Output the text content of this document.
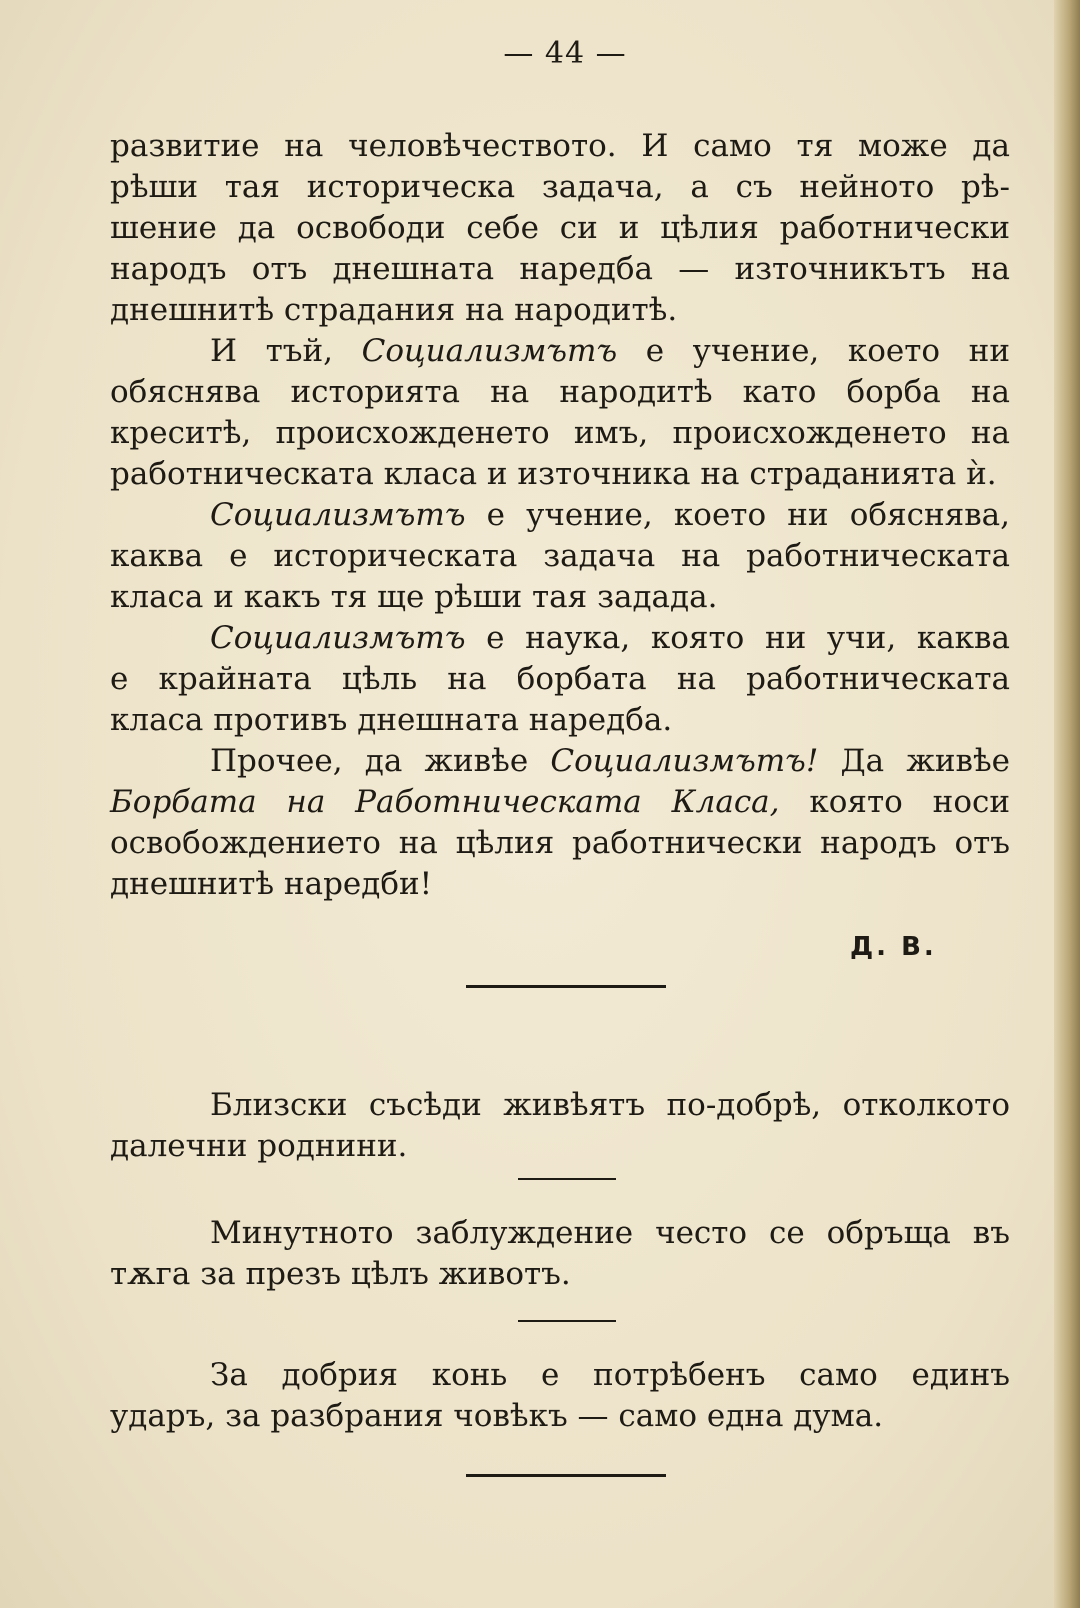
— 44 —

развитие на человѣчеството. И само тя може да
рѣши тая историческа задача, а съ нейното рѣ-
шение да освободи себе си и цѣлия работнически
народъ отъ днешната наредба — източникътъ на
днешнитѣ страдания на народитѣ.

И тъй, Социализмътъ е учение, което ни
обяснява историята на народитѣ като борба на
креситѣ, происхожденето имъ, происхожденето на
работническата класа и източника на страданията ѝ.

Социализмътъ е учение, което ни обяснява,
каква е историческата задача на работническата
класа и какъ тя ще рѣши тая задада.

Социализмътъ е наука, която ни учи, каква
е крайната цѣль на борбата на работническата
класа противъ днешната наредба.

Прочее, да живѣе Социализмътъ! Да живѣе
Борбата на Работническата Класа, която носи
освобождението на цѣлия работнически народъ отъ
днешнитѣ наредби!

Д. В.
Близски съсѣди живѣятъ по-добрѣ, отколкото
далечни роднини.
Минутното заблуждение често се обръща въ
тѫга за презъ цѣлъ животъ.
За добрия конь е потрѣбенъ само единъ
ударъ, за разбрания човѣкъ — само една дума.
